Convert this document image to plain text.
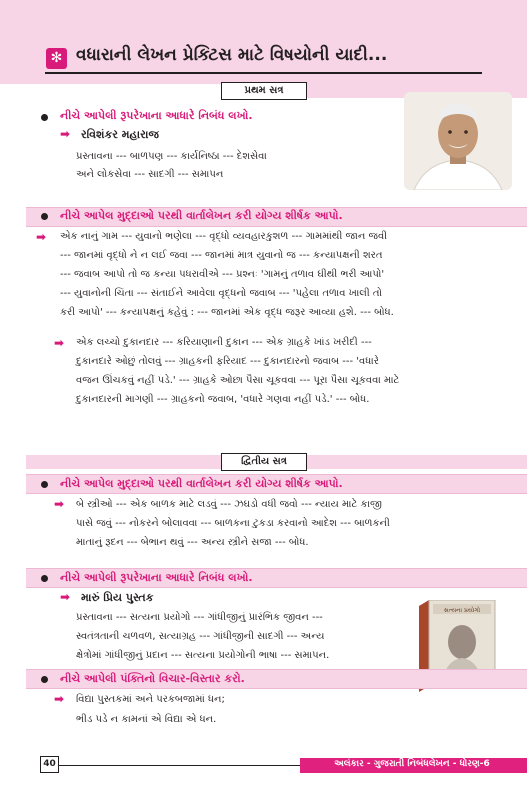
✻ વધારાની લેખન પ્રેક્ટિસ માટે વિષયોની યાદી...
પ્રથમ સત્ર
નીચે આપેલી રૂપરેખાના આધારે નિબંધ લખો.
➡ રવિશંકર મહારાજ
પ્રસ્તાવના --- બાળપણ --- કાર્યનિષ્ઠા --- દેશસેવા
અને લોકસેવા --- સાદગી --- સમાપન
નીચે આપેલ મુદ્દાઓ પરથી વાર્તાલેખન કરી યોગ્ય શીર્ષક આપો.
➡ એક નાનું ગામ --- યુવાનો ભણેલા --- વૃદ્ધો વ્યવહારકુશળ --- ગામમાંથી જાન જવી
--- જાનમાં વૃદ્ધો ને ન લઈ જવા --- જાનમાં માત્ર યુવાનો જ --- કન્યાપક્ષની શરત
--- જવાબ આપો તો જ કન્યા પધરાવીએ --- પ્રશ્નઃ 'ગામનું તળાવ ઘીથી ભરી આપો'
--- યુવાનોની ચિંતા --- સંતાઈને આવેલા વૃદ્ધનો જવાબ --- 'પહેલા તળાવ ખાલી તો
કરી આપો' --- કન્યાપક્ષનું કહેવું : --- જાનમાં એક વૃદ્ધ જરૂર આવ્યા હશે. --- બોધ.
➡ એક લચ્ચો દુકાનદાર --- કરિયાણાની દુકાન --- એક ગ્રાહકે ખાંડ ખરીદી ---
દુકાનદારે ઓછું તોલવું --- ગ્રાહકની ફરિયાદ --- દુકાનદારનો જવાબ --- 'વધારે
વજન ઊંચકવું નહીં પડે.' --- ગ્રાહકે ઓછા પૈસા ચૂકવવા --- પૂરા પૈસા ચૂકવવા માટે
દુકાનદારની માગણી --- ગ્રાહકનો જવાબ, 'વધારે ગણવા નહીં પડે.' --- બોધ.
દ્વિતીય સત્ર
નીચે આપેલ મુદ્દાઓ પરથી વાર્તાલેખન કરી યોગ્ય શીર્ષક આપો.
➡ બે સ્ત્રીઓ --- એક બાળક માટે લડવું --- ઝઘડો વધી જવો --- ન્યાય માટે કાજી
પાસે જવું --- નોકરને બોલાવવા --- બાળકના ટુકડા કરવાનો આદેશ --- બાળકની
માતાનું રૂદન --- બેભાન થવું --- અન્ય સ્ત્રીને સજા --- બોધ.
નીચે આપેલી રૂપરેખાના આધારે નિબંધ લખો.
➡ મારું પ્રિય પુસ્તક
પ્રસ્તાવના --- સત્યના પ્રયોગો --- ગાંધીજીનું પ્રારંભિક જીવન ---
સ્વતંત્રતાની ચળવળ, સત્યાગ્રહ --- ગાંધીજીની સાદગી --- અન્ય
ક્ષેત્રોમાં ગાંધીજીનું પ્રદાન --- સત્યના પ્રયોગોની ભાષા --- સમાપન.
સત્યના પ્રયોગો
નીચે આપેલી પંક્તિનો વિચાર-વિસ્તાર કરો.
➡ વિદ્યા પુસ્તકમાં અને પરકબજામાં ધન;
ભીડ પડે ન કામનાં એ વિદ્યા એ ધન.
40	અલંકાર - ગુજરાતી નિબંધલેખન - ધોરણ-6
